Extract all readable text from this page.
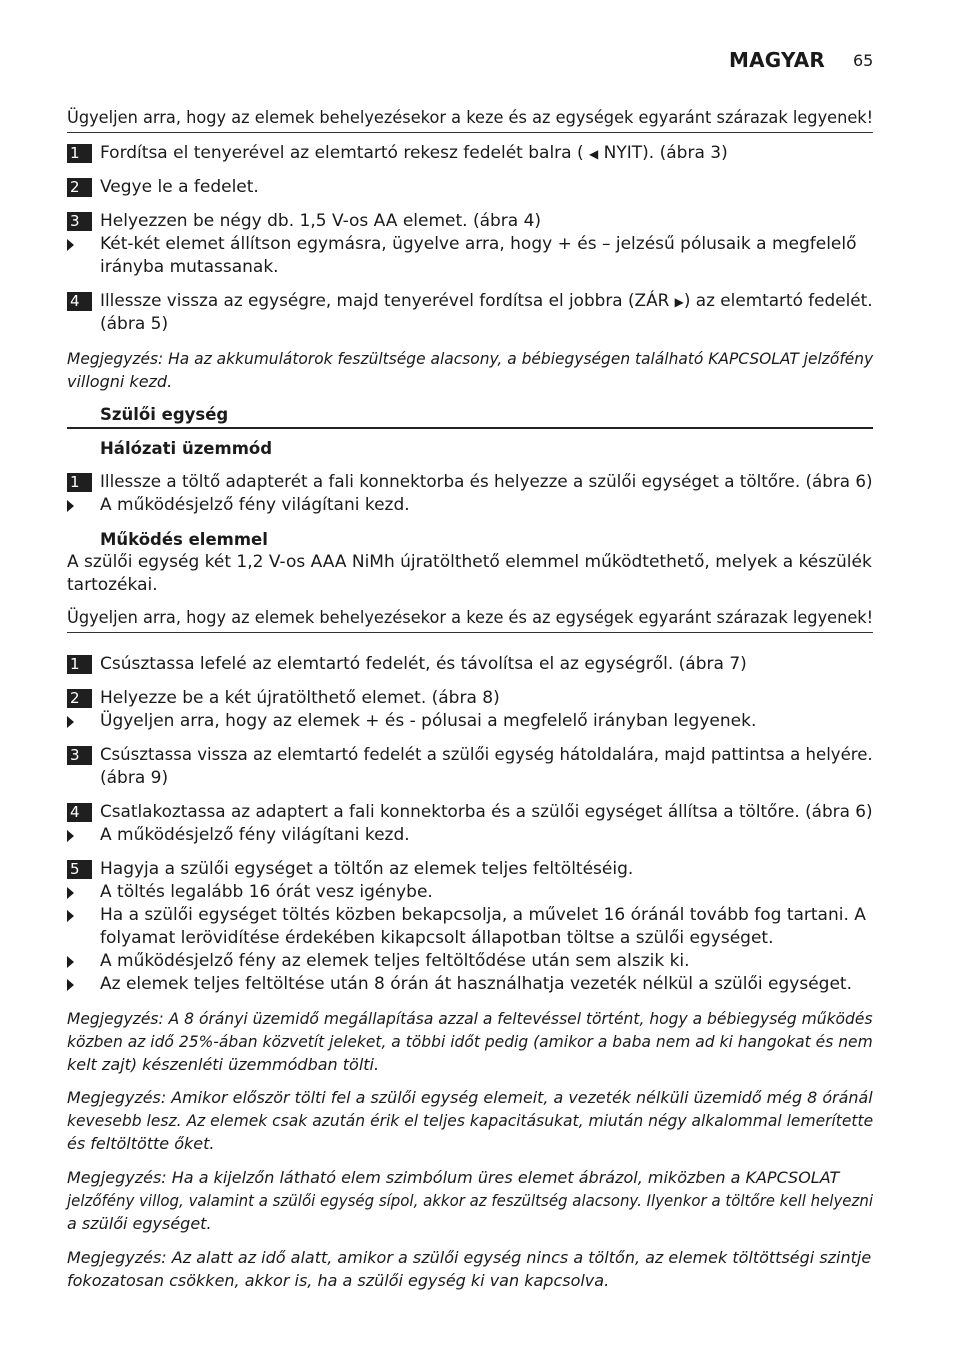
MAGYAR 65
Ügyeljen arra, hogy az elemek behelyezésekor a keze és az egységek egyaránt szárazak legyenek!
1	Fordítsa el tenyerével az elemtartó rekesz fedelét balra ( ◀ NYIT). (ábra 3)
2	Vegye le a fedelet.
3	Helyezzen be négy db. 1,5 V-os AA elemet. (ábra 4)
Két-két elemet állítson egymásra, ügyelve arra, hogy + és – jelzésű pólusaik a megfelelő
irányba mutassanak.
4	Illessze vissza az egységre, majd tenyerével fordítsa el jobbra (ZÁR ▶) az elemtartó fedelét.
(ábra 5)
Megjegyzés: Ha az akkumulátorok feszültsége alacsony, a bébiegységen található KAPCSOLAT jelzőfény
villogni kezd.
Szülői egység
Hálózati üzemmód
1	Illessze a töltő adapterét a fali konnektorba és helyezze a szülői egységet a töltőre. (ábra 6)
A működésjelző fény világítani kezd.
Működés elemmel
A szülői egység két 1,2 V-os AAA NiMh újratölthető elemmel működtethető, melyek a készülék
tartozékai.
Ügyeljen arra, hogy az elemek behelyezésekor a keze és az egységek egyaránt szárazak legyenek!
1	Csúsztassa lefelé az elemtartó fedelét, és távolítsa el az egységről. (ábra 7)
2	Helyezze be a két újratölthető elemet. (ábra 8)
Ügyeljen arra, hogy az elemek + és - pólusai a megfelelő irányban legyenek.
3	Csúsztassa vissza az elemtartó fedelét a szülői egység hátoldalára, majd pattintsa a helyére.
(ábra 9)
4	Csatlakoztassa az adaptert a fali konnektorba és a szülői egységet állítsa a töltőre. (ábra 6)
A működésjelző fény világítani kezd.
5	Hagyja a szülői egységet a töltőn az elemek teljes feltöltéséig.
A töltés legalább 16 órát vesz igénybe.
Ha a szülői egységet töltés közben bekapcsolja, a művelet 16 óránál tovább fog tartani. A
folyamat lerövidítése érdekében kikapcsolt állapotban töltse a szülői egységet.
A működésjelző fény az elemek teljes feltöltődése után sem alszik ki.
Az elemek teljes feltöltése után 8 órán át használhatja vezeték nélkül a szülői egységet.
Megjegyzés: A 8 órányi üzemidő megállapítása azzal a feltevéssel történt, hogy a bébiegység működés
közben az idő 25%-ában közvetít jeleket, a többi időt pedig (amikor a baba nem ad ki hangokat és nem
kelt zajt) készenléti üzemmódban tölti.
Megjegyzés: Amikor először tölti fel a szülői egység elemeit, a vezeték nélküli üzemidő még 8 óránál
kevesebb lesz. Az elemek csak azután érik el teljes kapacitásukat, miután négy alkalommal lemerítette
és feltöltötte őket.
Megjegyzés: Ha a kijelzőn látható elem szimbólum üres elemet ábrázol, miközben a KAPCSOLAT
jelzőfény villog, valamint a szülői egység sípol, akkor az feszültség alacsony. Ilyenkor a töltőre kell helyezni
a szülői egységet.
Megjegyzés: Az alatt az idő alatt, amikor a szülői egység nincs a töltőn, az elemek töltöttségi szintje
fokozatosan csökken, akkor is, ha a szülői egység ki van kapcsolva.
